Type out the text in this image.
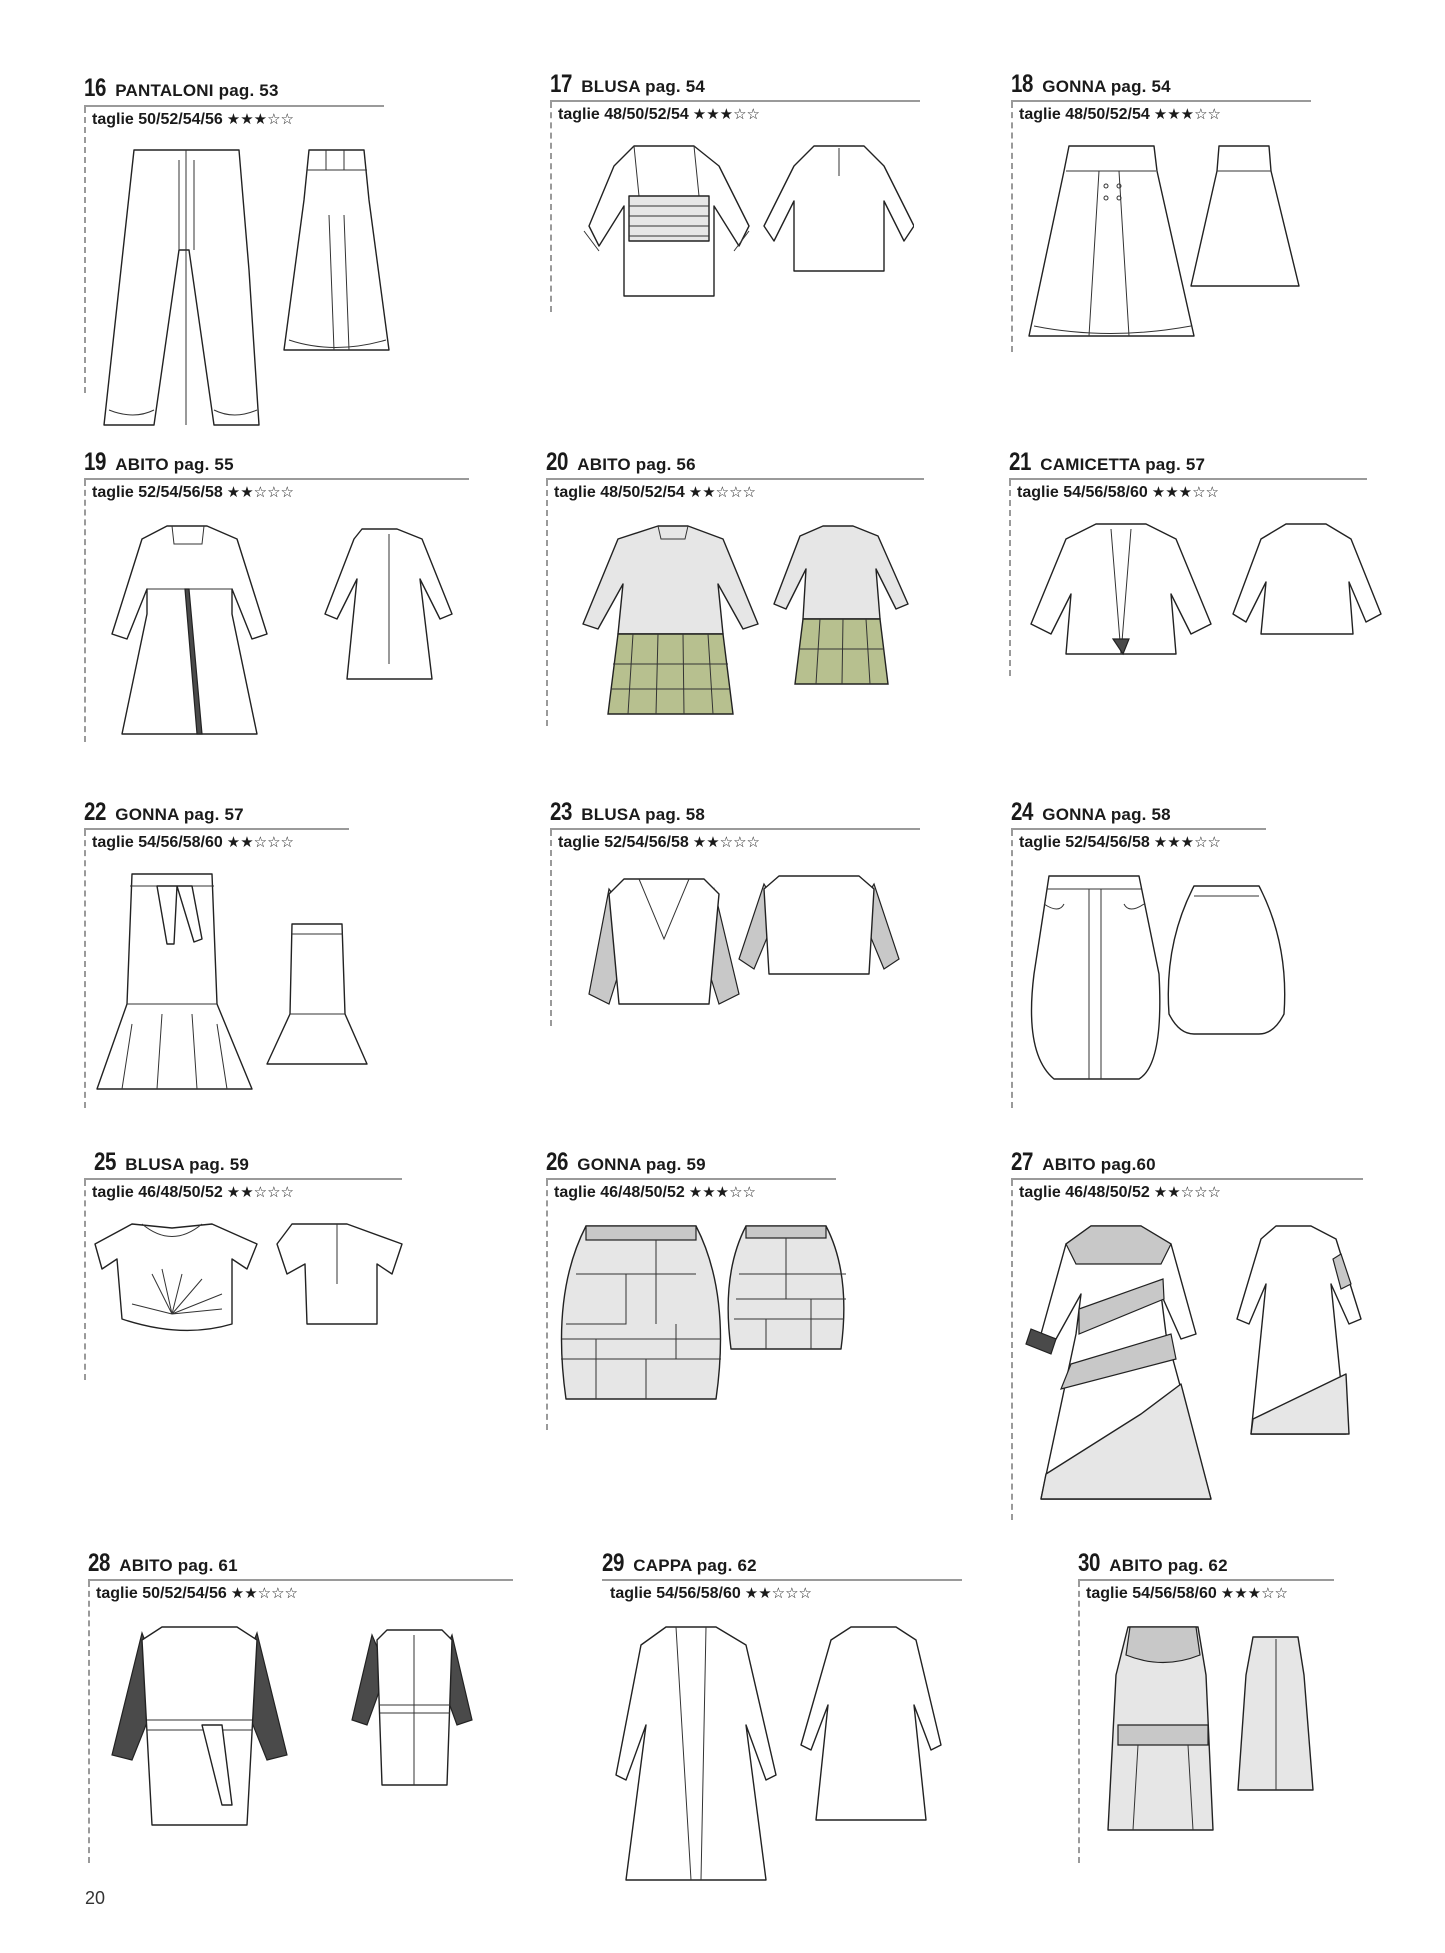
16 PANTALONI pag. 53
taglie 50/52/54/56 ★★★☆☆
17 BLUSA pag. 54
taglie 48/50/52/54 ★★★☆☆
18 GONNA pag. 54
taglie 48/50/52/54 ★★★☆☆
19 ABITO pag. 55
taglie 52/54/56/58 ★★☆☆☆
20 ABITO pag. 56
taglie 48/50/52/54 ★★☆☆☆
21 CAMICETTA pag. 57
taglie 54/56/58/60 ★★★☆☆
22 GONNA pag. 57
taglie 54/56/58/60 ★★☆☆☆
23 BLUSA pag. 58
taglie 52/54/56/58 ★★☆☆☆
24 GONNA pag. 58
taglie 52/54/56/58 ★★★☆☆
25 BLUSA pag. 59
taglie 46/48/50/52 ★★☆☆☆
26 GONNA pag. 59
taglie 46/48/50/52 ★★★☆☆
27 ABITO pag.60
taglie 46/48/50/52 ★★☆☆☆
28 ABITO pag. 61
taglie 50/52/54/56 ★★☆☆☆
29 CAPPA pag. 62
taglie 54/56/58/60 ★★☆☆☆
30 ABITO pag. 62
taglie 54/56/58/60 ★★★☆☆
20
